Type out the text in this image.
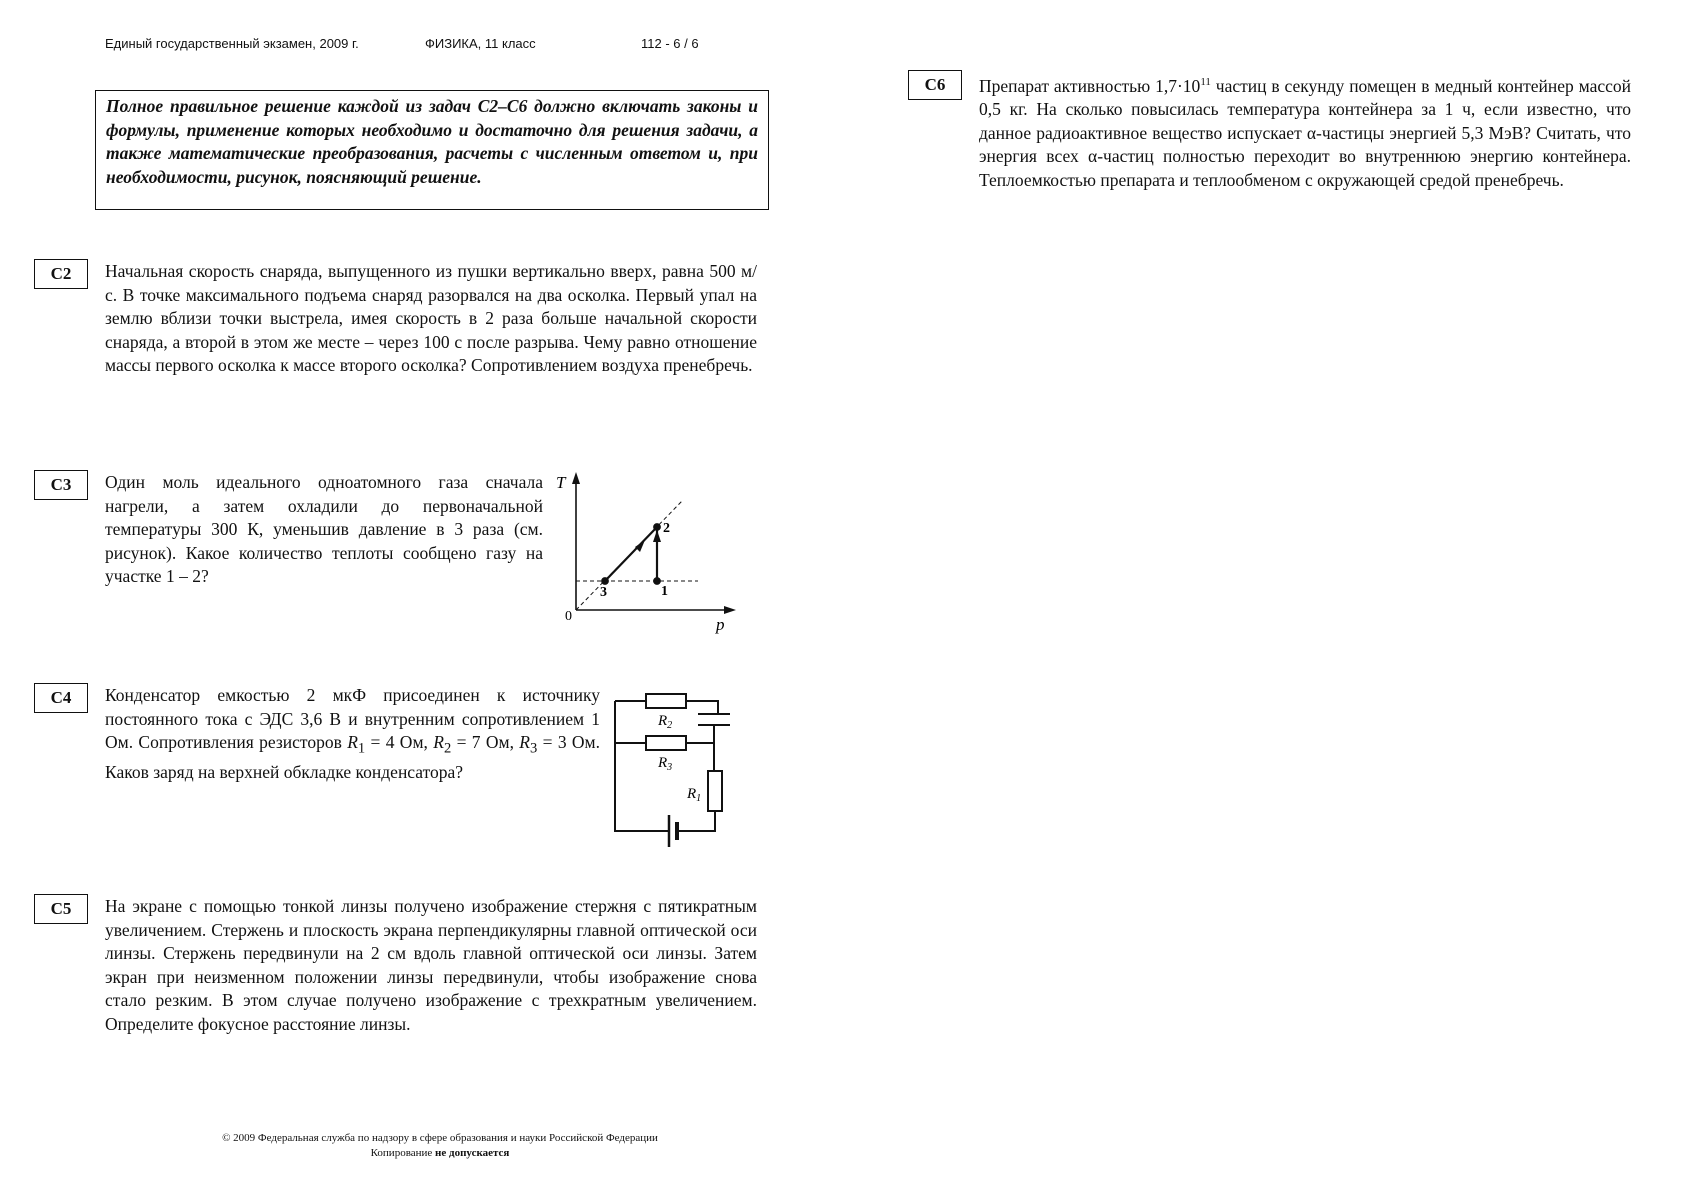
Единый государственный экзамен, 2009 г.	ФИЗИКА, 11 класс	112 - 6 / 6
Полное правильное решение каждой из задач С2–С6 должно включать законы и формулы, применение которых необходимо и достаточно для решения задачи, а также математические преобразования, расчеты с численным ответом и, при необходимости, рисунок, поясняющий решение.
С2	Начальная скорость снаряда, выпущенного из пушки вертикально вверх, равна 500 м/с. В точке максимального подъема снаряд разорвался на два осколка. Первый упал на землю вблизи точки выстрела, имея скорость в 2 раза больше начальной скорости снаряда, а второй в этом же месте – через 100 с после разрыва. Чему равно отношение массы первого осколка к массе второго осколка? Сопротивлением воздуха пренебречь.
С3	Один моль идеального одноатомного газа сначала нагрели, а затем охладили до первоначальной температуры 300 К, уменьшив давление в 3 раза (см. рисунок). Какое количество теплоты сообщено газу на участке 1 – 2?
T
p
0
1
2
3
С4	Конденсатор емкостью 2 мкФ присоединен к источнику постоянного тока с ЭДС 3,6 В и внутренним сопротивлением 1 Ом. Сопротивления резисторов $R_1 = 4$ Ом, $R_2 = 7$ Ом, $R_3 = 3$ Ом. Каков заряд на верхней обкладке конденсатора?

$R_2$
$R_3$
$R_1$
С5	На экране с помощью тонкой линзы получено изображение стержня с пятикратным увеличением. Стержень и плоскость экрана перпендикулярны главной оптической оси линзы. Стержень передвинули на 2 см вдоль главной оптической оси линзы. Затем экран при неизменном положении линзы передвинули, чтобы изображение снова стало резким. В этом случае получено изображение с трехкратным увеличением. Определите фокусное расстояние линзы.
С6	Препарат активностью $1,7\cdot 10^{11}$ частиц в секунду помещен в медный контейнер массой 0,5 кг. На сколько повысилась температура контейнера за 1 ч, если известно, что данное радиоактивное вещество испускает α-частицы энергией 5,3 МэВ? Считать, что энергия всех α-частиц полностью переходит во внутреннюю энергию контейнера. Теплоемкостью препарата и теплообменом с окружающей средой пренебречь.

© 2009 Федеральная служба по надзору в сфере образования и науки Российской Федерации
Копирование не допускается
